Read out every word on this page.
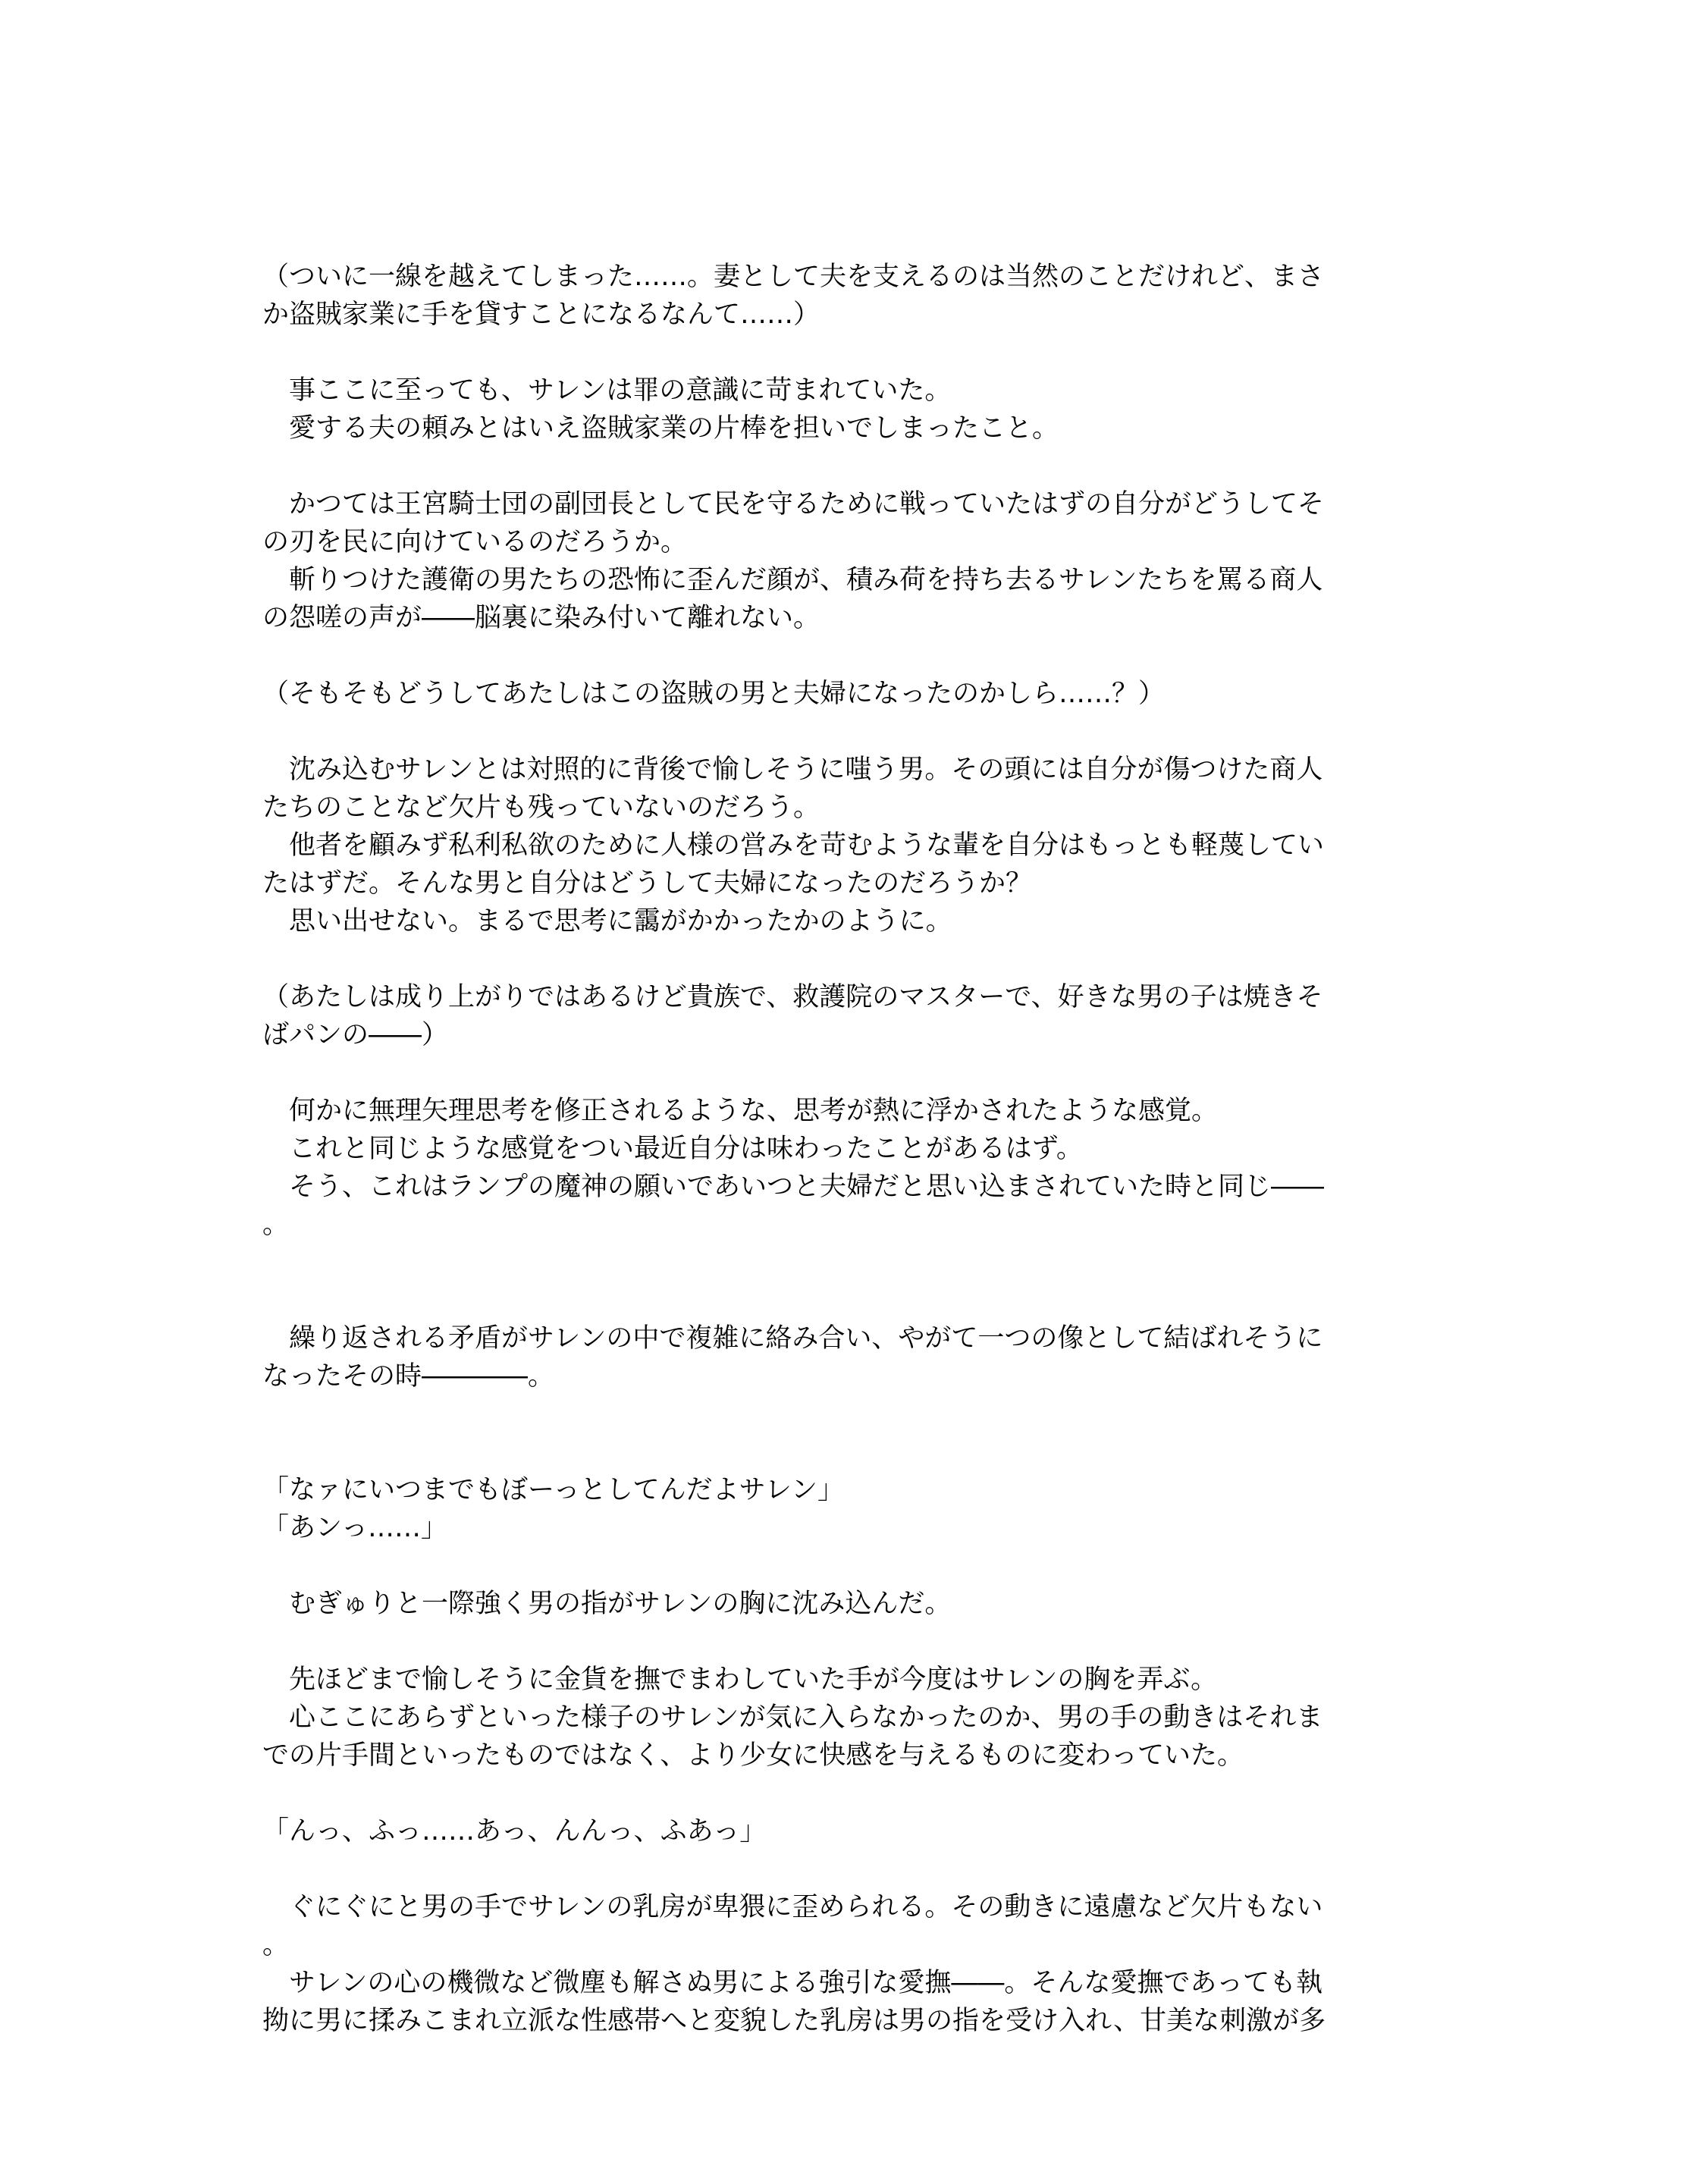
（ついに一線を越えてしまった……。妻として夫を支えるのは当然のことだけれど、まさ
か盗賊家業に手を貸すことになるなんて……）
　事ここに至っても、サレンは罪の意識に苛まれていた。
　愛する夫の頼みとはいえ盗賊家業の片棒を担いでしまったこと。
　かつては王宮騎士団の副団長として民を守るために戦っていたはずの自分がどうしてそ
の刃を民に向けているのだろうか。
　斬りつけた護衛の男たちの恐怖に歪んだ顔が、積み荷を持ち去るサレンたちを罵る商人
の怨嗟の声が――脳裏に染み付いて離れない。
（そもそもどうしてあたしはこの盗賊の男と夫婦になったのかしら……？）
　沈み込むサレンとは対照的に背後で愉しそうに嗤う男。その頭には自分が傷つけた商人
たちのことなど欠片も残っていないのだろう。
　他者を顧みず私利私欲のために人様の営みを苛むような輩を自分はもっとも軽蔑してい
たはずだ。そんな男と自分はどうして夫婦になったのだろうか？
　思い出せない。まるで思考に靄がかかったかのように。
（あたしは成り上がりではあるけど貴族で、救護院のマスターで、好きな男の子は焼きそ
ばパンの――）
　何かに無理矢理思考を修正されるような、思考が熱に浮かされたような感覚。
　これと同じような感覚をつい最近自分は味わったことがあるはず。
　そう、これはランプの魔神の願いであいつと夫婦だと思い込まされていた時と同じ――
。
　繰り返される矛盾がサレンの中で複雑に絡み合い、やがて一つの像として結ばれそうに
なったその時――――。
「なァにいつまでもぼーっとしてんだよサレン」
「あンっ……」
　むぎゅりと一際強く男の指がサレンの胸に沈み込んだ。
　先ほどまで愉しそうに金貨を撫でまわしていた手が今度はサレンの胸を弄ぶ。
　心ここにあらずといった様子のサレンが気に入らなかったのか、男の手の動きはそれま
での片手間といったものではなく、より少女に快感を与えるものに変わっていた。
「んっ、ふっ……あっ、んんっ、ふあっ」
　ぐにぐにと男の手でサレンの乳房が卑猥に歪められる。その動きに遠慮など欠片もない
。
　サレンの心の機微など微塵も解さぬ男による強引な愛撫――。そんな愛撫であっても執
拗に男に揉みこまれ立派な性感帯へと変貌した乳房は男の指を受け入れ、甘美な刺激が多
